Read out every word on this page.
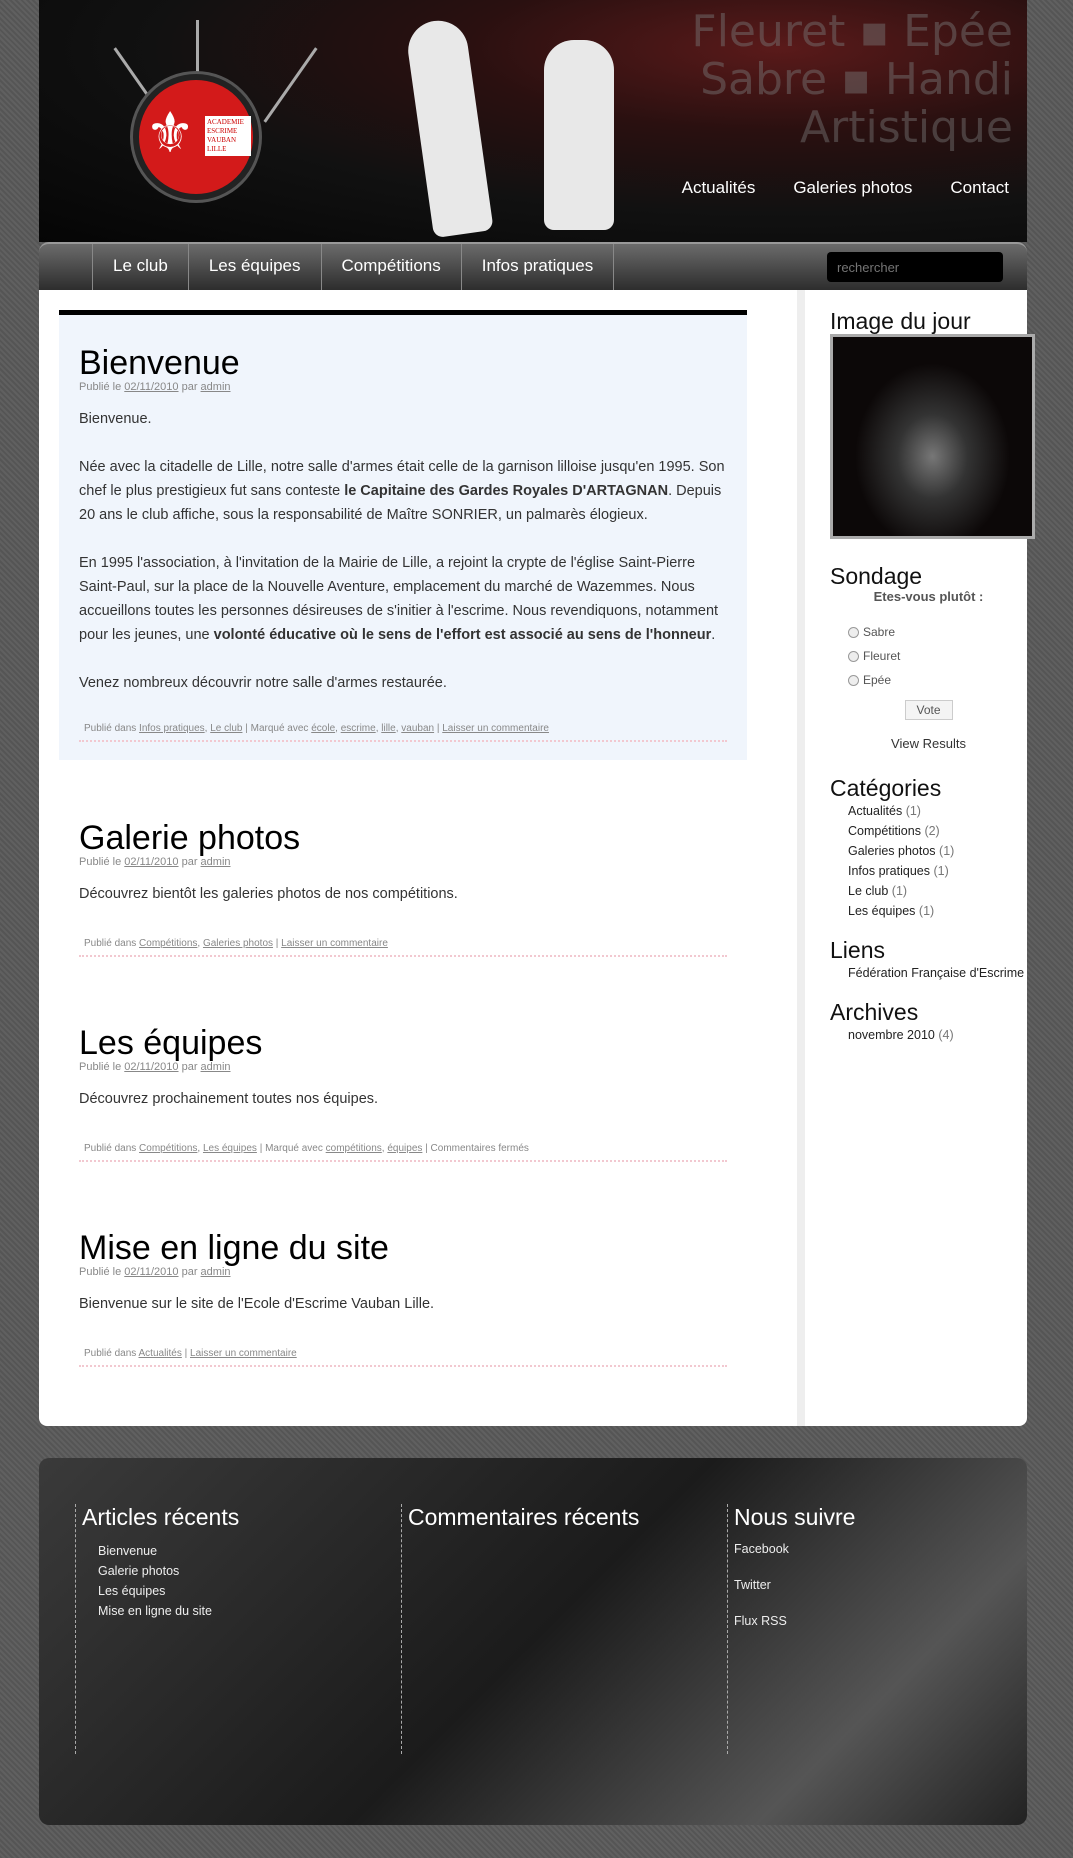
⚜ ACADEMIE ESCRIME VAUBAN LILLE
Fleuret ▪ Epée
Sabre ▪ Handi
Artistique
Actualités Galeries photos Contact
Le club	Les équipes	Compétitions	Infos pratiques
rechercher
Bienvenue
Publié le 02/11/2010 par admin

Bienvenue.

Née avec la citadelle de Lille, notre salle d'armes était celle de la garnison lilloise jusqu'en 1995. Son chef le plus prestigieux fut sans conteste le Capitaine des Gardes Royales D'ARTAGNAN. Depuis 20 ans le club affiche, sous la responsabilité de Maître SONRIER, un palmarès élogieux.

En 1995 l'association, à l'invitation de la Mairie de Lille, a rejoint la crypte de l'église Saint-Pierre Saint-Paul, sur la place de la Nouvelle Aventure, emplacement du marché de Wazemmes. Nous accueillons toutes les personnes désireuses de s'initier à l'escrime. Nous revendiquons, notamment pour les jeunes, une volonté éducative où le sens de l'effort est associé au sens de l'honneur.

Venez nombreux découvrir notre salle d'armes restaurée.

Publié dans Infos pratiques, Le club | Marqué avec école, escrime, lille, vauban | Laisser un commentaire
Galerie photos
Publié le 02/11/2010 par admin
Découvrez bientôt les galeries photos de nos compétitions.
Publié dans Compétitions, Galeries photos | Laisser un commentaire
Les équipes
Publié le 02/11/2010 par admin
Découvrez prochainement toutes nos équipes.
Publié dans Compétitions, Les équipes | Marqué avec compétitions, équipes | Commentaires fermés
Mise en ligne du site
Publié le 02/11/2010 par admin
Bienvenue sur le site de l'Ecole d'Escrime Vauban Lille.
Publié dans Actualités | Laisser un commentaire
Image du jour
Sondage
Etes-vous plutôt :
Sabre
Fleuret
Epée
Vote
View Results
Catégories
Actualités (1)
Compétitions (2)
Galeries photos (1)
Infos pratiques (1)
Le club (1)
Les équipes (1)
Liens
Fédération Française d'Escrime
Archives
novembre 2010 (4)
Articles récents
Bienvenue
Galerie photos
Les équipes
Mise en ligne du site
Commentaires récents	Nous suivre
Facebook
Twitter
Flux RSS
